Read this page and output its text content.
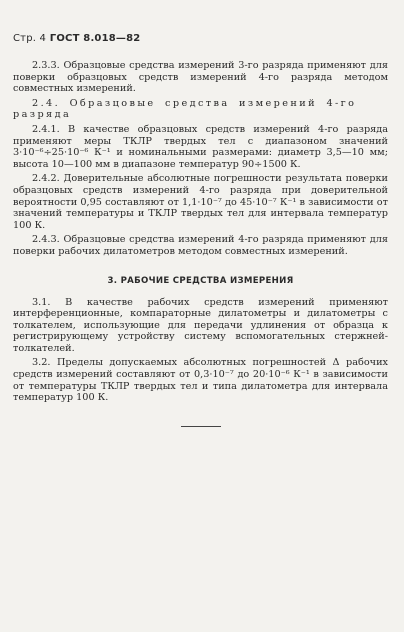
Стр. 4 ГОСТ 8.018—82

2.3.3. Образцовые средства измерений 3-го разряда применяют для поверки образцовых средств измерений 4-го разряда методом совместных измерений.

2.4. Образцовые средства измерений 4-го разряда

2.4.1. В качестве образцовых средств измерений 4-го разряда применяют меры ТКЛР твердых тел с диапазоном значений 3·10⁻⁶÷25·10⁻⁶ К⁻¹ и номинальными размерами: диаметр 3,5—10 мм; высота 10—100 мм в диапазоне температур 90÷1500 К.

2.4.2. Доверительные абсолютные погрешности результата поверки образцовых средств измерений 4-го разряда при доверительной вероятности 0,95 составляют от 1,1·10⁻⁷ до 45·10⁻⁷ К⁻¹ в зависимости от значений температуры и ТКЛР твердых тел для интервала температур 100 К.

2.4.3. Образцовые средства измерений 4-го разряда применяют для поверки рабочих дилатометров методом совместных измерений.

3. РАБОЧИЕ СРЕДСТВА ИЗМЕРЕНИЯ

3.1. В качестве рабочих средств измерений применяют интерференционные, компараторные дилатометры и дилатометры с толкателем, использующие для передачи удлинения от образца к регистрирующему устройству систему вспомогательных стержней-толкателей.

3.2. Пределы допускаемых абсолютных погрешностей Δ рабочих средств измерений составляют от 0,3·10⁻⁷ до 20·10⁻⁶ К⁻¹ в зависимости от температуры ТКЛР твердых тел и типа дилатометра для интервала температур 100 К.
